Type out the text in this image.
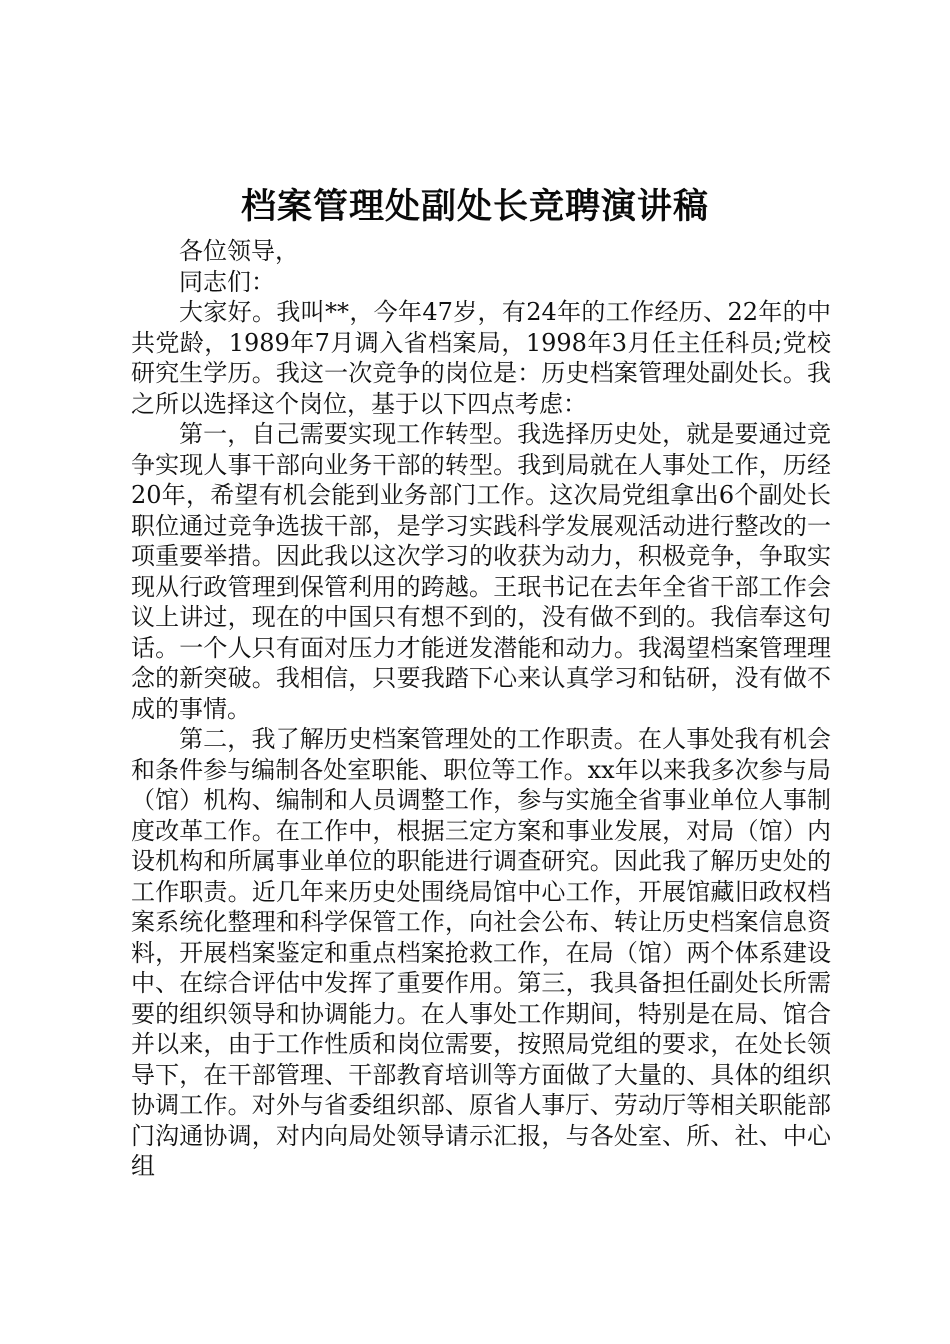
档案管理处副处长竞聘演讲稿

各位领导，

同志们：

大家好。我叫**，今年47岁，有24年的工作经历、22年的中共党龄，1989年7月调入省档案局，1998年3月任主任科员;党校研究生学历。我这一次竞争的岗位是：历史档案管理处副处长。我之所以选择这个岗位，基于以下四点考虑：

第一，自己需要实现工作转型。我选择历史处，就是要通过竞争实现人事干部向业务干部的转型。我到局就在人事处工作，历经20年，希望有机会能到业务部门工作。这次局党组拿出6个副处长职位通过竞争选拔干部，是学习实践科学发展观活动进行整改的一项重要举措。因此我以这次学习的收获为动力，积极竞争，争取实现从行政管理到保管利用的跨越。王珉书记在去年全省干部工作会议上讲过，现在的中国只有想不到的，没有做不到的。我信奉这句话。一个人只有面对压力才能迸发潜能和动力。我渴望档案管理理念的新突破。我相信，只要我踏下心来认真学习和钻研，没有做不成的事情。

第二，我了解历史档案管理处的工作职责。在人事处我有机会和条件参与编制各处室职能、职位等工作。xx年以来我多次参与局（馆）机构、编制和人员调整工作，参与实施全省事业单位人事制度改革工作。在工作中，根据三定方案和事业发展，对局（馆）内设机构和所属事业单位的职能进行调查研究。因此我了解历史处的工作职责。近几年来历史处围绕局馆中心工作，开展馆藏旧政权档案系统化整理和科学保管工作，向社会公布、转让历史档案信息资料，开展档案鉴定和重点档案抢救工作，在局（馆）两个体系建设中、在综合评估中发挥了重要作用。第三，我具备担任副处长所需要的组织领导和协调能力。在人事处工作期间，特别是在局、馆合并以来，由于工作性质和岗位需要，按照局党组的要求，在处长领导下，在干部管理、干部教育培训等方面做了大量的、具体的组织协调工作。对外与省委组织部、原省人事厅、劳动厅等相关职能部门沟通协调，对内向局处领导请示汇报，与各处室、所、社、中心组
